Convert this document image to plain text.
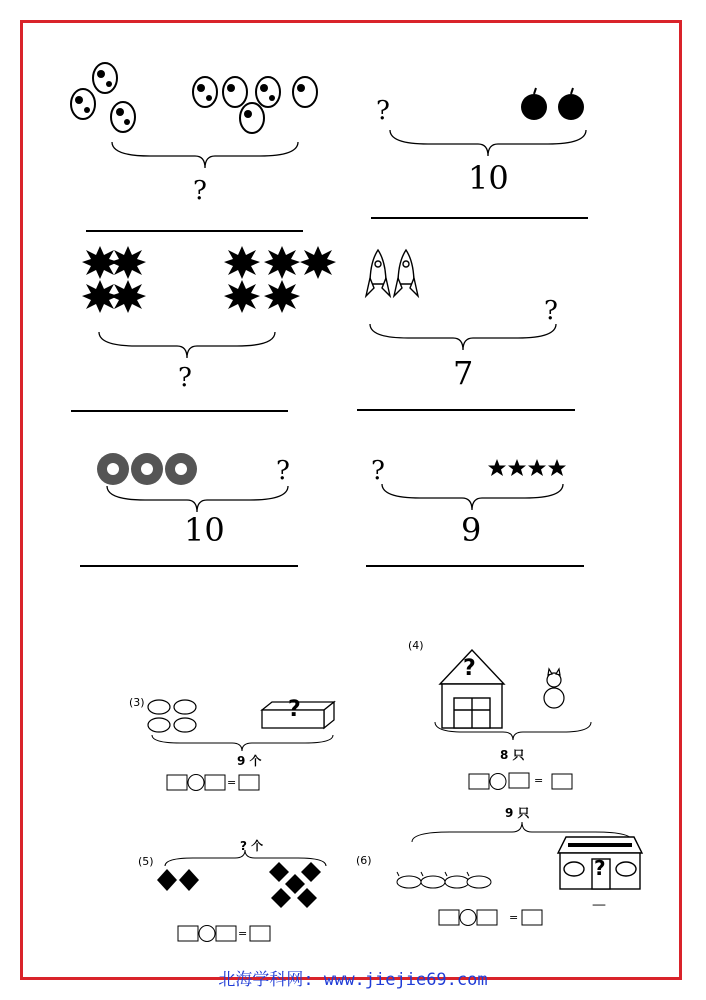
?
?
10
?
?
7
?
10
?
9
(3)	?
9 个
=
(4)
?
8 只
=
(5)
? 个
=
9 只
(6)	?
—
=
北海学科网: www.jiejie69.com
